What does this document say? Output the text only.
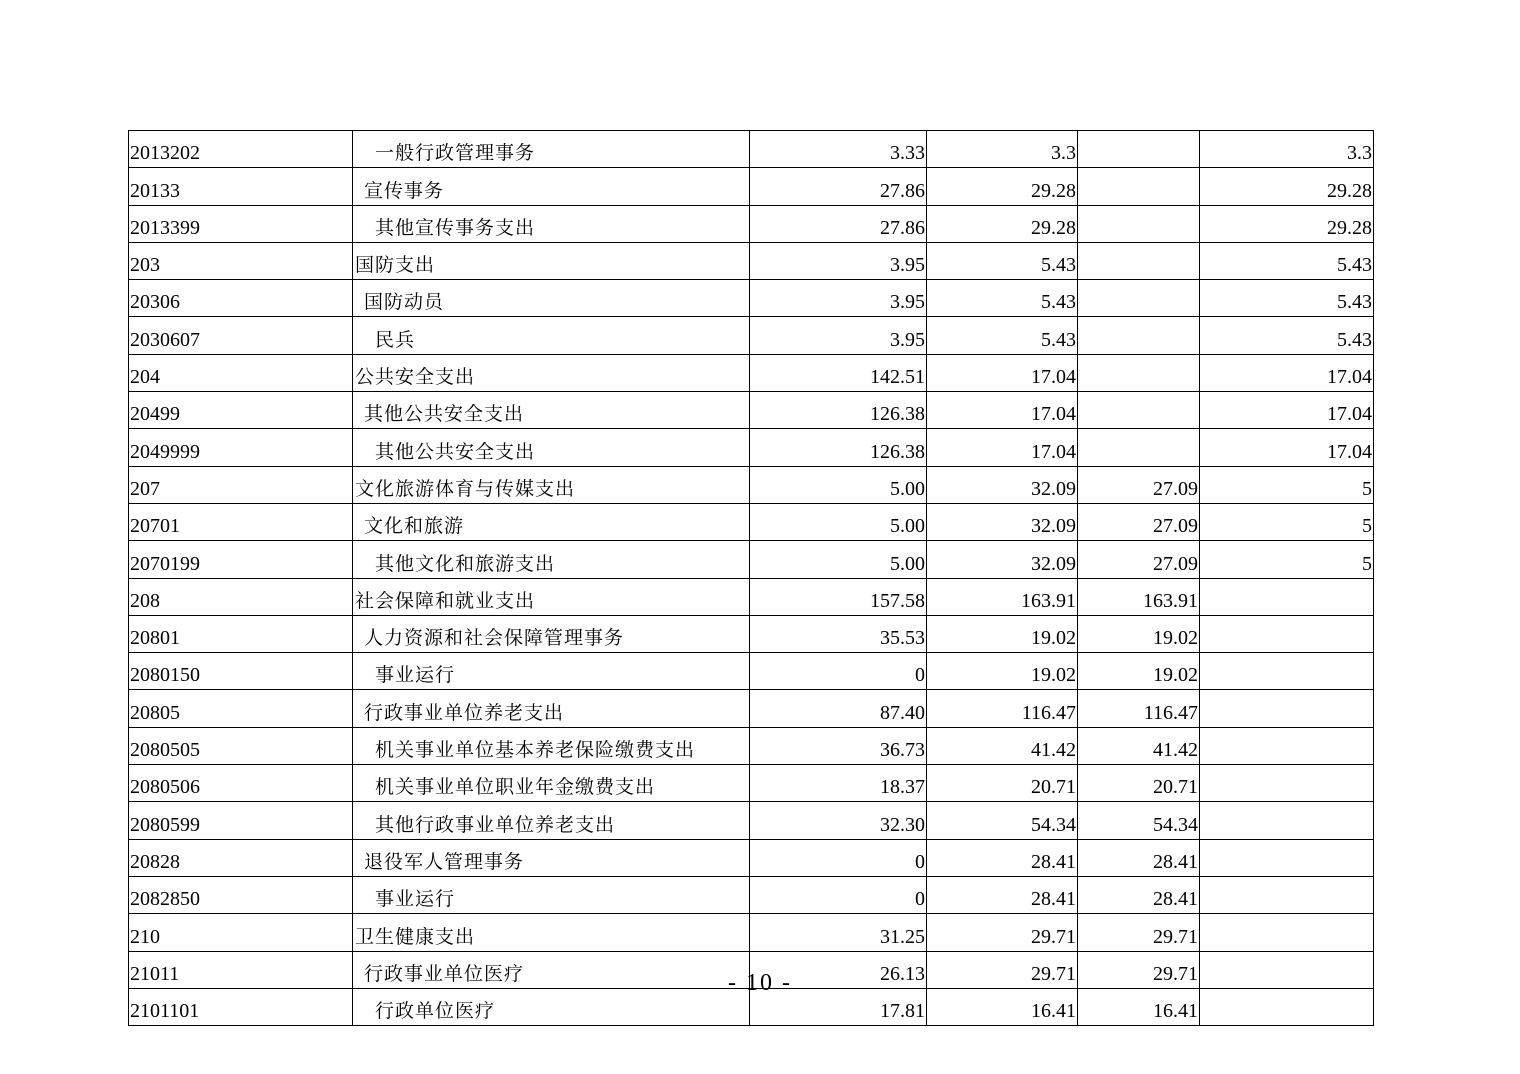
2013202	一般行政管理事务	3.33	3.3		3.3
20133	宣传事务	27.86	29.28		29.28
2013399	其他宣传事务支出	27.86	29.28		29.28
203	国防支出	3.95	5.43		5.43
20306	国防动员	3.95	5.43		5.43
2030607	民兵	3.95	5.43		5.43
204	公共安全支出	142.51	17.04		17.04
20499	其他公共安全支出	126.38	17.04		17.04
2049999	其他公共安全支出	126.38	17.04		17.04
207	文化旅游体育与传媒支出	5.00	32.09	27.09	5
20701	文化和旅游	5.00	32.09	27.09	5
2070199	其他文化和旅游支出	5.00	32.09	27.09	5
208	社会保障和就业支出	157.58	163.91	163.91	
20801	人力资源和社会保障管理事务	35.53	19.02	19.02	
2080150	事业运行	0	19.02	19.02	
20805	行政事业单位养老支出	87.40	116.47	116.47	
2080505	机关事业单位基本养老保险缴费支出	36.73	41.42	41.42	
2080506	机关事业单位职业年金缴费支出	18.37	20.71	20.71	
2080599	其他行政事业单位养老支出	32.30	54.34	54.34	
20828	退役军人管理事务	0	28.41	28.41	
2082850	事业运行	0	28.41	28.41	
210	卫生健康支出	31.25	29.71	29.71	
21011	行政事业单位医疗	26.13	29.71	29.71	
2101101	行政单位医疗	17.81	16.41	16.41	
- 10 -
